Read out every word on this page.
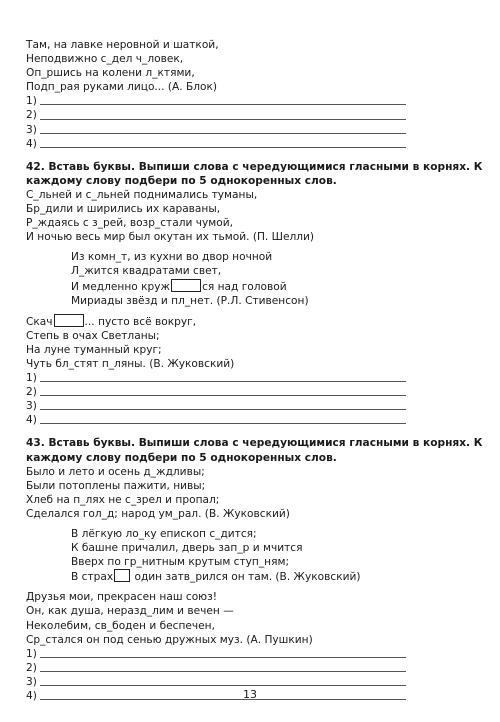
Там, на лавке неровной и шаткой,
Неподвижно с_дел ч_ловек,
Оп_ршись на колени л_ктями,
Подп_рая руками лицо... (А. Блок)
1)
2)
3)
4)
42. Вставь буквы. Выпиши слова с чередующимися гласными в корнях. К
каждому слову подбери по 5 однокоренных слов.
С_льней и с_льней поднимались туманы,
Бр_дили и ширились их караваны,
Р_ждаясь с з_рей, возр_стали чумой,
И ночью весь мир был окутан их тьмой. (П. Шелли)
Из комн_т, из кухни во двор ночной
Л_жится квадратами свет,
И медленно круж	ся над головой
Мириады звёзд и пл_нет. (Р.Л. Стивенсон)
Скач	... пусто всё вокруг,
Степь в очах Светланы;
На луне туманный круг;
Чуть бл_стят п_ляны. (В. Жуковский)
1)
2)
3)
4)
43. Вставь буквы. Выпиши слова с чередующимися гласными в корнях. К
каждому слову подбери по 5 однокоренных слов.
Было и лето и осень д_ждливы;
Были потоплены пажити, нивы;
Хлеб на п_лях не с_зрел и пропал;
Сделался гол_д; народ ум_рал. (В. Жуковский)
В лёгкую ло_ку епископ с_дится;
К башне причалил, дверь зап_р и мчится
Вверх по гр_нитным крутым ступ_ням;
В страх один затв_рился он там. (В. Жуковский)
Друзья мои, прекрасен наш союз!
Он, как душа, неразд_лим и вечен —
Неколебим, св_боден и беспечен,
Ср_стался он под сенью дружных муз. (А. Пушкин)
1)
2)
3)
4)	13
